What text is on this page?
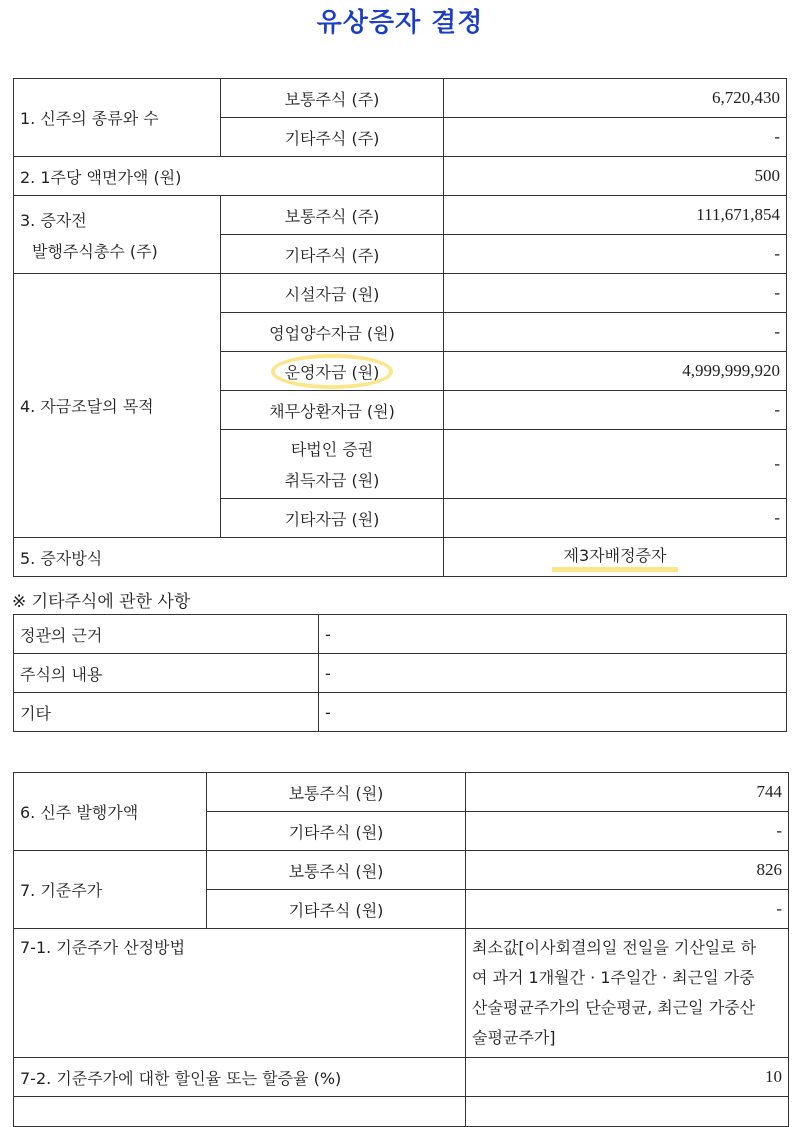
유상증자 결정
1. 신주의 종류와 수	보통주식 (주)	6,720,430
	기타주식 (주)	-
2. 1주당 액면가액 (원)		500

3. 증자전
발행주식총수 (주)	보통주식 (주)	111,671,854
	기타주식 (주)	-
4. 자금조달의 목적	시설자금 (원)	-
	영업양수자금 (원)	-
	운영자금 (원)	4,999,999,920
	채무상환자금 (원)	-

	타법인 증권
취득자금 (원)	-
	기타자금 (원)	-
5. 증자방식		제3자배정증자
※ 기타주식에 관한 사항
정관의 근거	-
주식의 내용	-
기타	-
6. 신주 발행가액	보통주식 (원)	744
	기타주식 (원)	-
7. 기준주가	보통주식 (원)	826
	기타주식 (원)	-
7-1. 기준주가 산정방법		최소값[이사회결의일 전일을 기산일로 하
여 과거 1개월간 · 1주일간 · 최근일 가중
산술평균주가의 단순평균, 최근일 가중산
술평균주가]

7-2. 기준주가에 대한 할인율 또는 할증율 (%)		10
